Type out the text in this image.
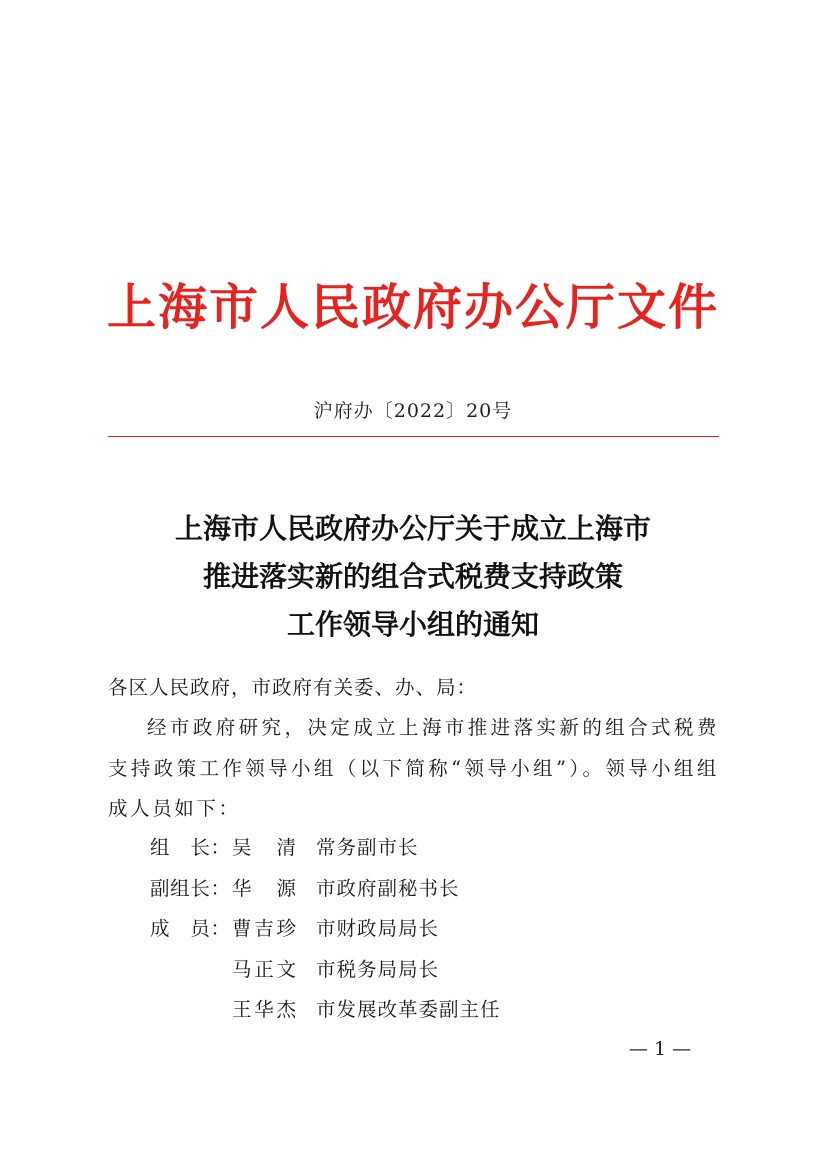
上海市人民政府办公厅文件
沪府办〔2022〕20号
上海市人民政府办公厅关于成立上海市
推进落实新的组合式税费支持政策
工作领导小组的通知
各区人民政府，市政府有关委、办、局：
经市政府研究，决定成立上海市推进落实新的组合式税费支持政策工作领导小组（以下简称“领导小组”）。领导小组组成人员如下：
组　长： 吴　清 常务副市长
副组长： 华　源 市政府副秘书长
成　员： 曹吉珍 市财政局局长
马正文 市税务局局长
王华杰 市发展改革委副主任
— 1 —
